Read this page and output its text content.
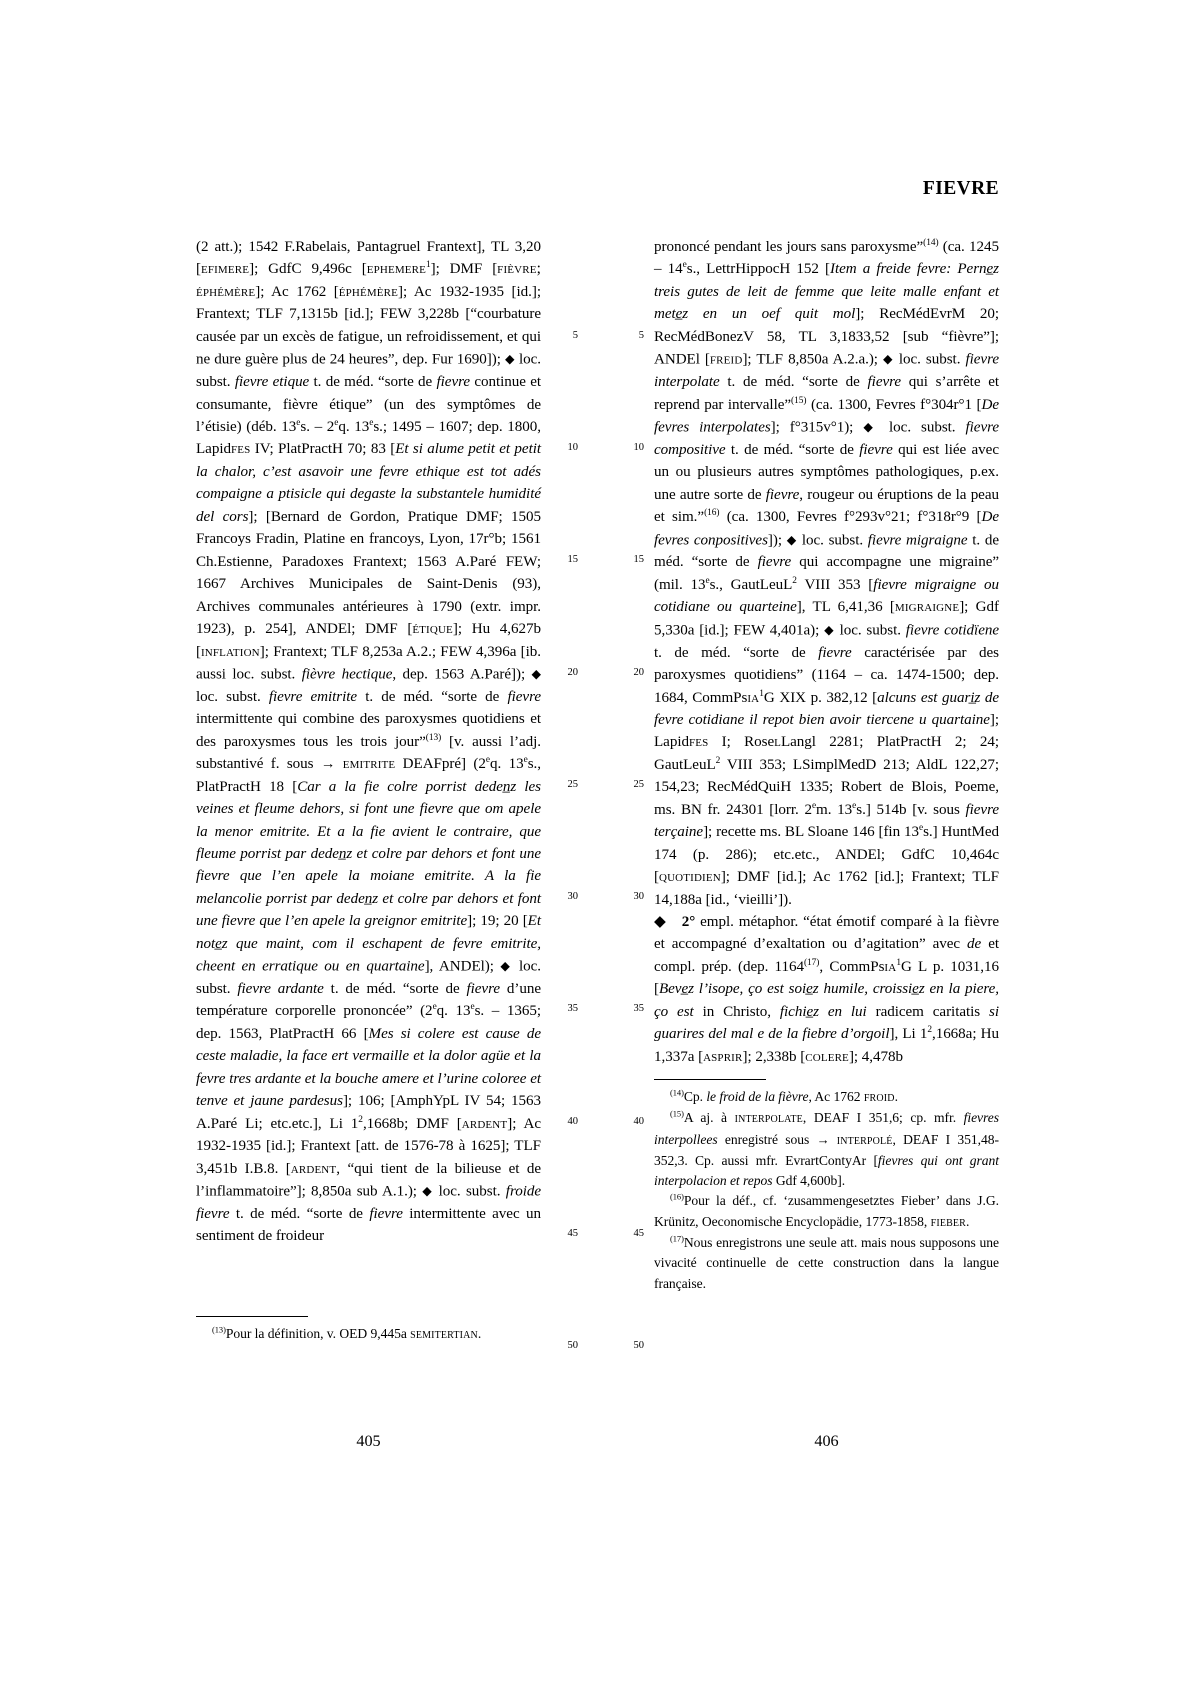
FIEVRE
(2 att.); 1542 F.Rabelais, Pantagruel Frantext], TL 3,20 [efimere]; GdfC 9,496c [ephemere$^1$]; DMF [fièvre; éphémère]; Ac 1762 [éphémère]; Ac 1932-1935 [id.]; Frantext; TLF 7,1315b [id.]; FEW 3,228b [“courbature causée par un excès de fatigue, un refroidissement, et qui ne dure guère plus de 24 heures”, dep. Fur 1690]); ◆ loc. subst. fievre etique t. de méd. “sorte de fievre continue et consumante, fièvre étique” (un des symptômes de l’étisie) (déb. 13es. – 2eq. 13es.; 1495 – 1607; dep. 1800, Lapidfes IV; PlatPractH 70; 83 [Et si alume petit et petit la chalor, c’est asavoir une fevre ethique est tot adés compaigne a ptisicle qui degaste la substantele humidité del cors]; [Bernard de Gordon, Pratique DMF; 1505 Francoys Fradin, Platine en francoys, Lyon, 17r°b; 1561 Ch.Estienne, Paradoxes Frantext; 1563 A.Paré FEW; 1667 Archives Municipales de Saint-Denis (93), Archives communales antérieures à 1790 (extr. impr. 1923), p. 254], ANDEl; DMF [étique]; Hu 4,627b [inflation]; Frantext; TLF 8,253a A.2.; FEW 4,396a [ib. aussi loc. subst. fièvre hectique, dep. 1563 A.Paré]); ◆ loc. subst. fievre emitrite t. de méd. “sorte de fievre intermittente qui combine des paroxysmes quotidiens et des paroxysmes tous les trois jour”$^{(13)}$ [v. aussi l’adj. substantivé f. sous → emitrite DEAFpré] (2eq. 13es., PlatPractH 18 [Car a la fie colre porrist deden̲z les veines et fleume dehors, si font une fievre que om apele la menor emitrite. Et a la fie avient le contraire, que fleume porrist par deden̲z et colre par dehors et font une fievre que l’en apele la moiane emitrite. A la fie melancolie porrist par deden̲z et colre par dehors et font une fievre que l’en apele la greignor emitrite]; 19; 20 [Et note̲z que maint, com il eschapent de fevre emitrite, cheent en erratique ou en quartaine], ANDEl); ◆ loc. subst. fievre ardante t. de méd. “sorte de fievre d’une température corporelle prononcée” (2eq. 13es. – 1365; dep. 1563, PlatPractH 66 [Mes si colere est cause de ceste maladie, la face ert vermaille et la dolor agüe et la fevre tres ardante et la bouche amere et l’urine coloree et tenve et jaune pardesus]; 106; [AmphYpL IV 54; 1563 A.Paré Li; etc.etc.], Li $1^2,1668b$; DMF [ardent]; Ac 1932-1935 [id.]; Frantext [att. de 1576-78 à 1625]; TLF 3,451b I.B.8. [ardent, “qui tient de la bilieuse et de l’inflammatoire”]; 8,850a sub A.1.); ◆ loc. subst. froide fievre t. de méd. “sorte de fievre intermittente avec un sentiment de froideur
5
10
15
20
25
30
35
40
45
50
prononcé pendant les jours sans paroxysme”$^{(14)}$ (ca. 1245 – 14es., LettrHippocH 152 [Item a freide fevre: Perne̲z treis gutes de leit de femme que leite malle enfant et mete̲z en un oef quit mol]; RecMédEvrM 20; RecMédBonezV 58, TL 3,1833,52 [sub “fièvre”]; ANDEl [freid]; TLF 8,850a A.2.a.); ◆ loc. subst. fievre interpolate t. de méd. “sorte de fievre qui s’arrête et reprend par intervalle”$^{(15)}$ (ca. 1300, Fevres f°304r°1 [De fevres interpolates]; f°315v°1); ◆ loc. subst. fievre compositive t. de méd. “sorte de fievre qui est liée avec un ou plusieurs autres symptômes pathologiques, p.ex. une autre sorte de fievre, rougeur ou éruptions de la peau et sim.”$^{(16)}$ (ca. 1300, Fevres f°293v°21; f°318r°9 [De fevres conpositives]); ◆ loc. subst. fievre migraigne t. de méd. “sorte de fievre qui accompagne une migraine” (mil. 13es., GautLeuL$^2$ VIII 353 [fievre migraigne ou cotidiane ou quarteine], TL 6,41,36 [migraigne]; Gdf 5,330a [id.]; FEW 4,401a); ◆ loc. subst. fievre cotidïene t. de méd. “sorte de fievre caractérisée par des paroxysmes quotidiens” (1164 – ca. 1474-1500; dep. 1684, CommPsia$^1$G XIX p. 382,12 [alcuns est guari̲z de fevre cotidiane il repot bien avoir tiercene u quartaine]; Lapidfes I; RoselLangl 2281; PlatPractH 2; 24; GautLeuL$^2$ VIII 353; LSimplMedD 213; AldL 122,27; 154,23; RecMédQuiH 1335; Robert de Blois, Poeme, ms. BN fr. 24301 [lorr. 2em. 13es.] 514b [v. sous fievre terçaine]; recette ms. BL Sloane 146 [fin 13es.] HuntMed 174 (p. 286); etc.etc., ANDEl; GdfC 10,464c [quotidien]; DMF [id.]; Ac 1762 [id.]; Frantext; TLF 14,188a [id., ‘vieilli’]).
◆ 2° empl. métaphor. “état émotif comparé à la fièvre et accompagné d’exaltation ou d’agitation” avec de et compl. prép. (dep. 1164$^{(17)}$, CommPsia$^1$G L p. 1031,16 [Beve̲z l’isope, ço est soie̲z humile, croissie̲z en la piere, ço est in Christo, fichie̲z en lui radicem caritatis si guarires del mal e de la fiebre d’orgoil], Li $1^2,1668a$; Hu 1,337a [asprir]; 2,338b [colere]; 4,478b
5
10
15
20
25
30
35
40
45
50

$^{(13)}$Pour la définition, v. OED 9,445a semitertian.

$^{(14)}$Cp. le froid de la fièvre, Ac 1762 froid.

$^{(15)}$A aj. à interpolate, DEAF I 351,6; cp. mfr. fievres interpollees enregistré sous → interpolé, DEAF I 351,48-352,3. Cp. aussi mfr. EvrartContyAr [fievres qui ont grant interpolacion et repos Gdf 4,600b].

$^{(16)}$Pour la déf., cf. ‘zusammengesetztes Fieber’ dans J.G. Krünitz, Oeconomische Encyclopädie, 1773-1858, fieber.

$^{(17)}$Nous enregistrons une seule att. mais nous supposons une vivacité continuelle de cette construction dans la langue française.

405	406
